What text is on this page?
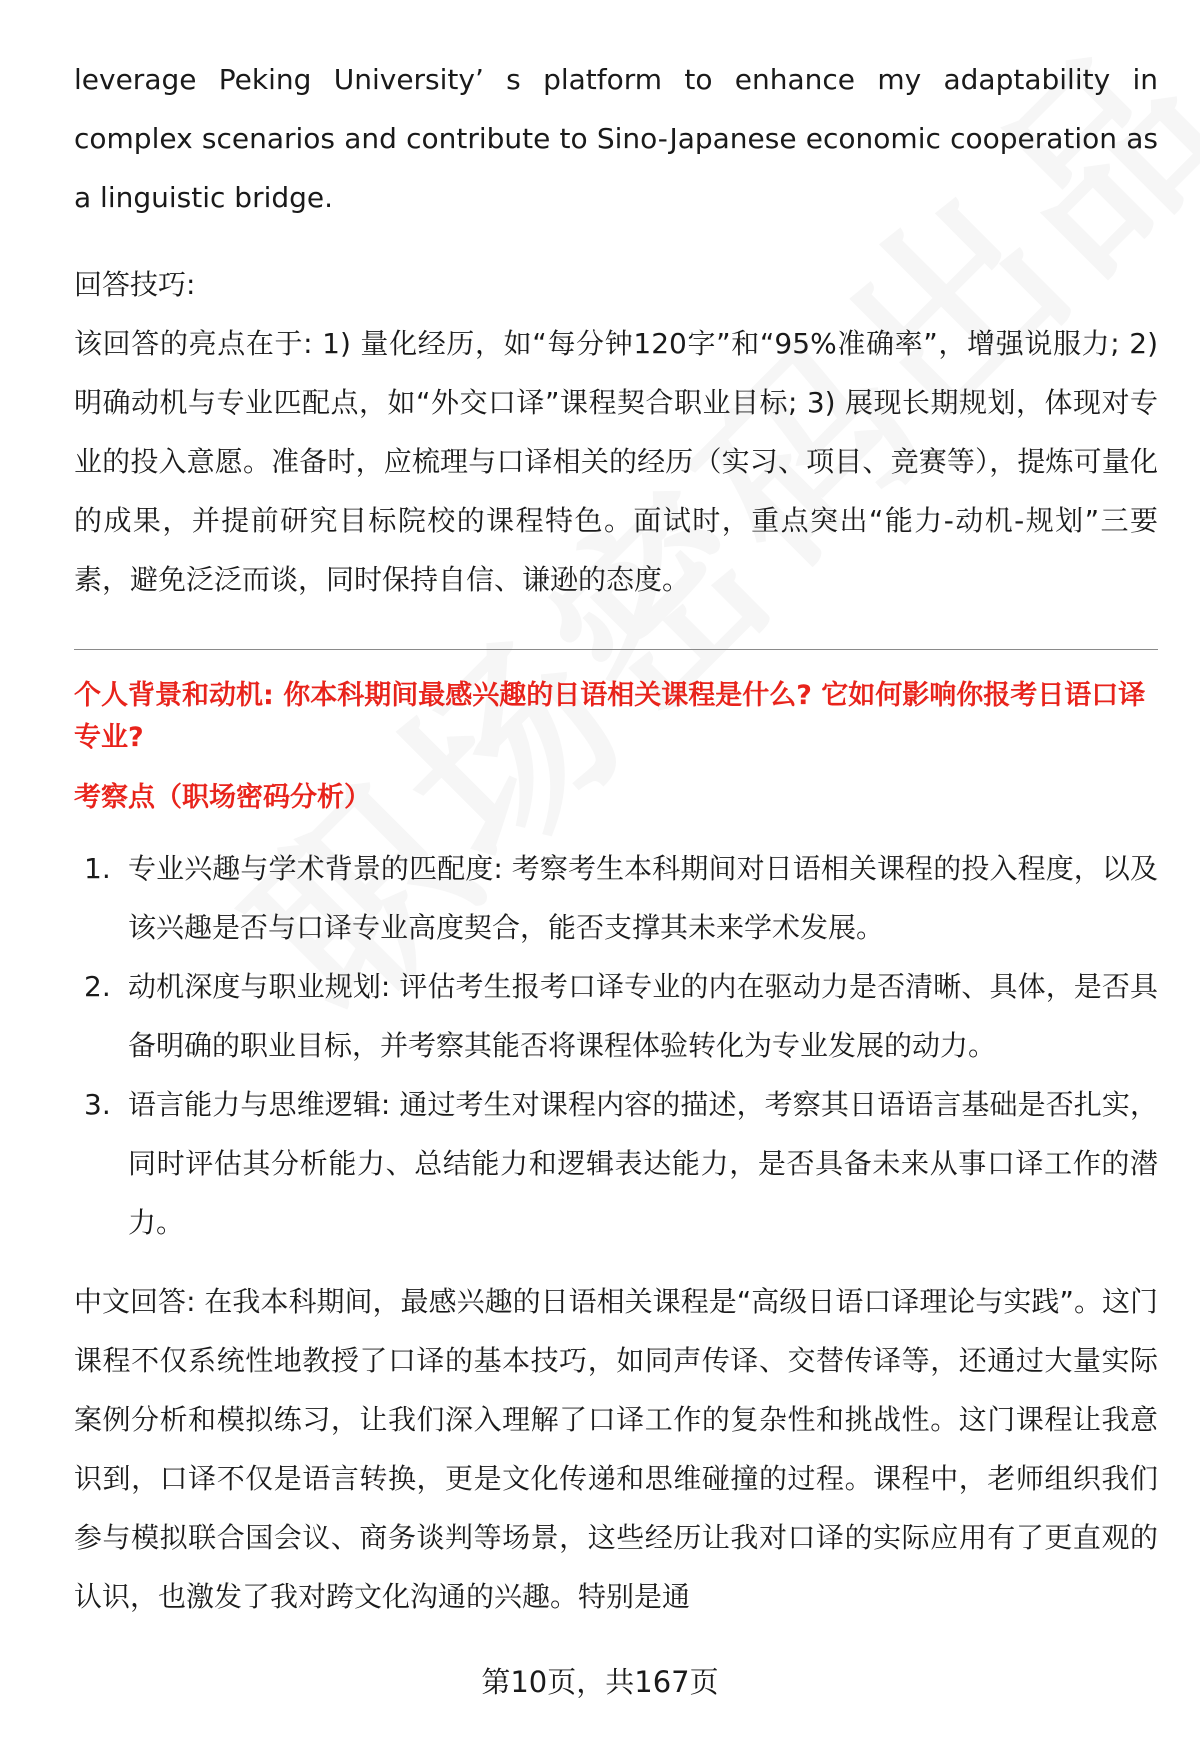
leverage Peking University’ s platform to enhance my adaptability in complex scenarios and contribute to Sino-Japanese economic cooperation as a linguistic bridge.

回答技巧:

该回答的亮点在于: 1) 量化经历，如“每分钟120字”和“95%准确率”，增强说服力; 2) 明确动机与专业匹配点，如“外交口译”课程契合职业目标; 3) 展现长期规划，体现对专业的投入意愿。准备时，应梳理与口译相关的经历（实习、项目、竞赛等），提炼可量化的成果，并提前研究目标院校的课程特色。面试时，重点突出“能力-动机-规划”三要素，避免泛泛而谈，同时保持自信、谦逊的态度。

个人背景和动机: 你本科期间最感兴趣的日语相关课程是什么? 它如何影响你报考日语口译专业?

考察点（职场密码分析）

1. 专业兴趣与学术背景的匹配度: 考察考生本科期间对日语相关课程的投入程度，以及该兴趣是否与口译专业高度契合，能否支撑其未来学术发展。
2. 动机深度与职业规划: 评估考生报考口译专业的内在驱动力是否清晰、具体，是否具备明确的职业目标，并考察其能否将课程体验转化为专业发展的动力。
3. 语言能力与思维逻辑: 通过考生对课程内容的描述，考察其日语语言基础是否扎实，同时评估其分析能力、总结能力和逻辑表达能力，是否具备未来从事口译工作的潜力。

中文回答: 在我本科期间，最感兴趣的日语相关课程是“高级日语口译理论与实践”。这门课程不仅系统性地教授了口译的基本技巧，如同声传译、交替传译等，还通过大量实际案例分析和模拟练习，让我们深入理解了口译工作的复杂性和挑战性。这门课程让我意识到，口译不仅是语言转换，更是文化传递和思维碰撞的过程。课程中，老师组织我们参与模拟联合国会议、商务谈判等场景，这些经历让我对口译的实际应用有了更直观的认识，也激发了我对跨文化沟通的兴趣。特别是通

第10页，共167页
